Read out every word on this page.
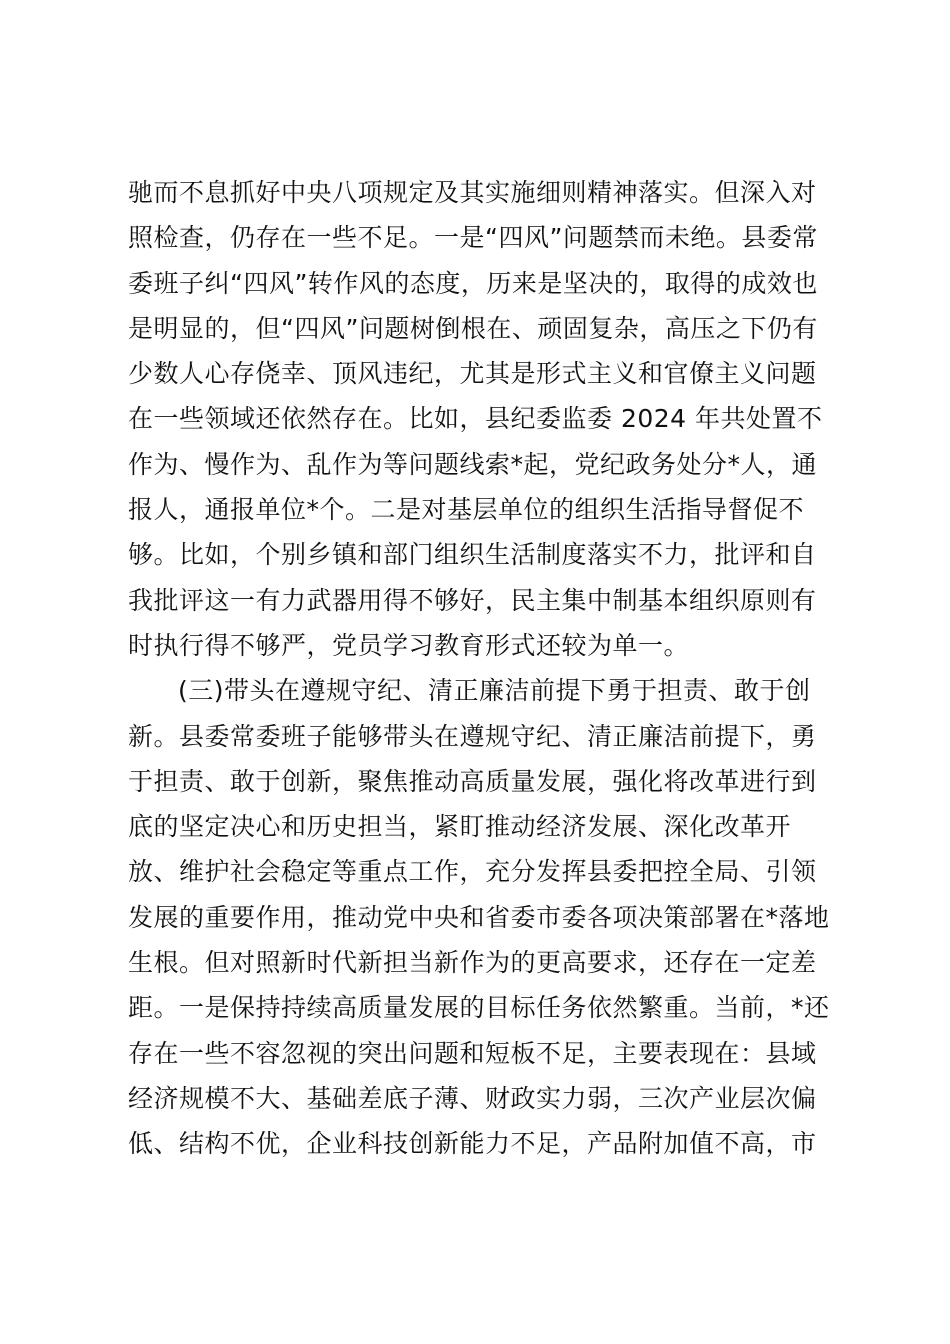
驰而不息抓好中央八项规定及其实施细则精神落实。但深入对
照检查，仍存在一些不足。一是“四风”问题禁而未绝。县委常
委班子纠“四风”转作风的态度，历来是坚决的，取得的成效也
是明显的，但“四风”问题树倒根在、顽固复杂，高压之下仍有
少数人心存侥幸、顶风违纪，尤其是形式主义和官僚主义问题
在一些领域还依然存在。比如，县纪委监委 2024 年共处置不
作为、慢作为、乱作为等问题线索*起，党纪政务处分*人，通
报人，通报单位*个。二是对基层单位的组织生活指导督促不
够。比如，个别乡镇和部门组织生活制度落实不力，批评和自
我批评这一有力武器用得不够好，民主集中制基本组织原则有
时执行得不够严，党员学习教育形式还较为单一。
(三)带头在遵规守纪、清正廉洁前提下勇于担责、敢于创
新。县委常委班子能够带头在遵规守纪、清正廉洁前提下，勇
于担责、敢于创新，聚焦推动高质量发展，强化将改革进行到
底的坚定决心和历史担当，紧盯推动经济发展、深化改革开
放、维护社会稳定等重点工作，充分发挥县委把控全局、引领
发展的重要作用，推动党中央和省委市委各项决策部署在*落地
生根。但对照新时代新担当新作为的更高要求，还存在一定差
距。一是保持持续高质量发展的目标任务依然繁重。当前，*还
存在一些不容忽视的突出问题和短板不足，主要表现在：县域
经济规模不大、基础差底子薄、财政实力弱，三次产业层次偏
低、结构不优，企业科技创新能力不足，产品附加值不高，市
